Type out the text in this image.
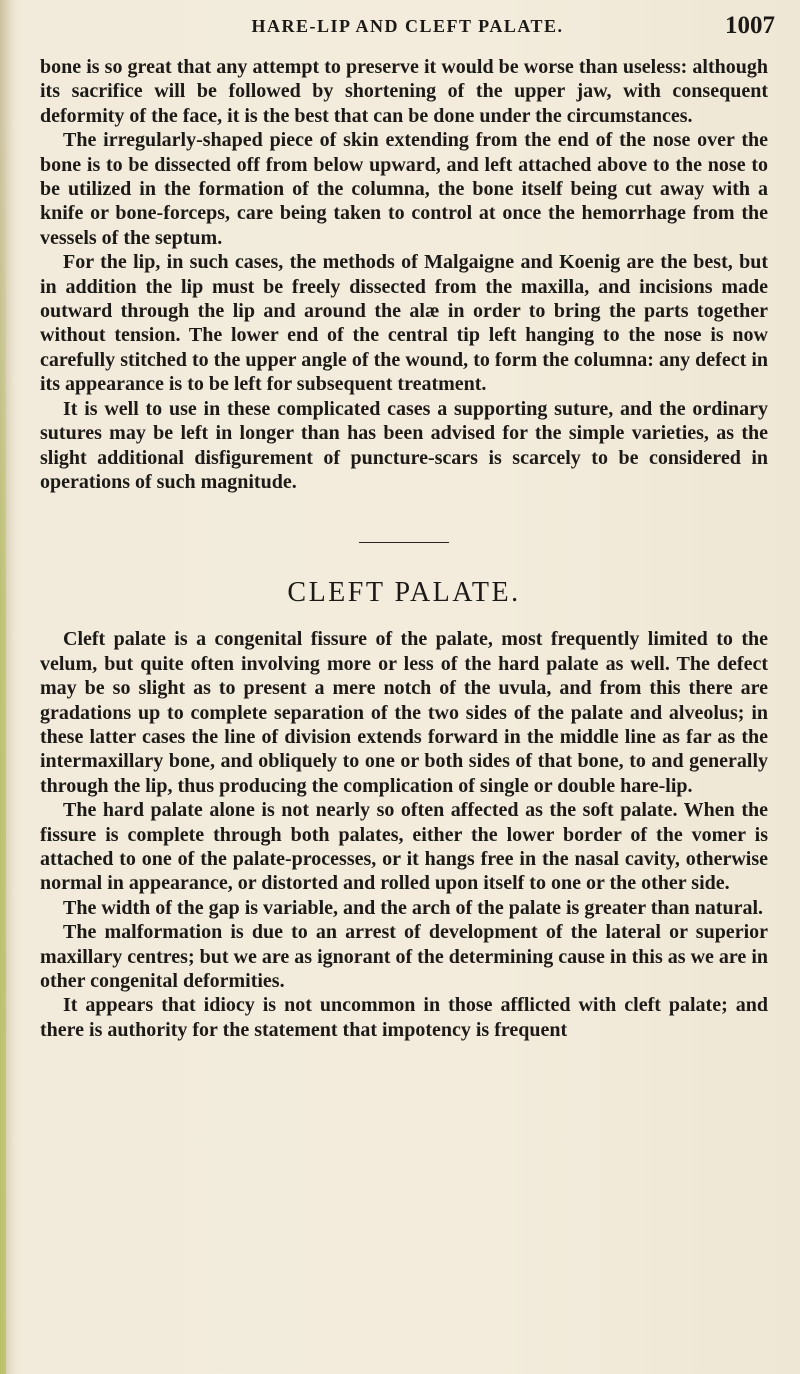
HARE-LIP AND CLEFT PALATE.	1007

bone is so great that any attempt to preserve it would be worse than useless: although its sacrifice will be followed by shortening of the upper jaw, with consequent deformity of the face, it is the best that can be done under the circumstances.

The irregularly-shaped piece of skin extending from the end of the nose over the bone is to be dissected off from below upward, and left attached above to the nose to be utilized in the formation of the columna, the bone itself being cut away with a knife or bone-forceps, care being taken to control at once the hemorrhage from the vessels of the septum.

For the lip, in such cases, the methods of Malgaigne and Koenig are the best, but in addition the lip must be freely dissected from the maxilla, and incisions made outward through the lip and around the alæ in order to bring the parts together without tension. The lower end of the central tip left hanging to the nose is now carefully stitched to the upper angle of the wound, to form the columna: any defect in its appearance is to be left for subsequent treatment.

It is well to use in these complicated cases a supporting suture, and the ordinary sutures may be left in longer than has been advised for the simple varieties, as the slight additional disfigurement of puncture-scars is scarcely to be considered in operations of such magnitude.

CLEFT PALATE.

Cleft palate is a congenital fissure of the palate, most frequently limited to the velum, but quite often involving more or less of the hard palate as well. The defect may be so slight as to present a mere notch of the uvula, and from this there are gradations up to complete separation of the two sides of the palate and alveolus; in these latter cases the line of division extends forward in the middle line as far as the intermaxillary bone, and obliquely to one or both sides of that bone, to and generally through the lip, thus producing the complication of single or double hare-lip.

The hard palate alone is not nearly so often affected as the soft palate. When the fissure is complete through both palates, either the lower border of the vomer is attached to one of the palate-processes, or it hangs free in the nasal cavity, otherwise normal in appearance, or distorted and rolled upon itself to one or the other side.

The width of the gap is variable, and the arch of the palate is greater than natural.

The malformation is due to an arrest of development of the lateral or superior maxillary centres; but we are as ignorant of the determining cause in this as we are in other congenital deformities.

It appears that idiocy is not uncommon in those afflicted with cleft palate; and there is authority for the statement that impotency is frequent
